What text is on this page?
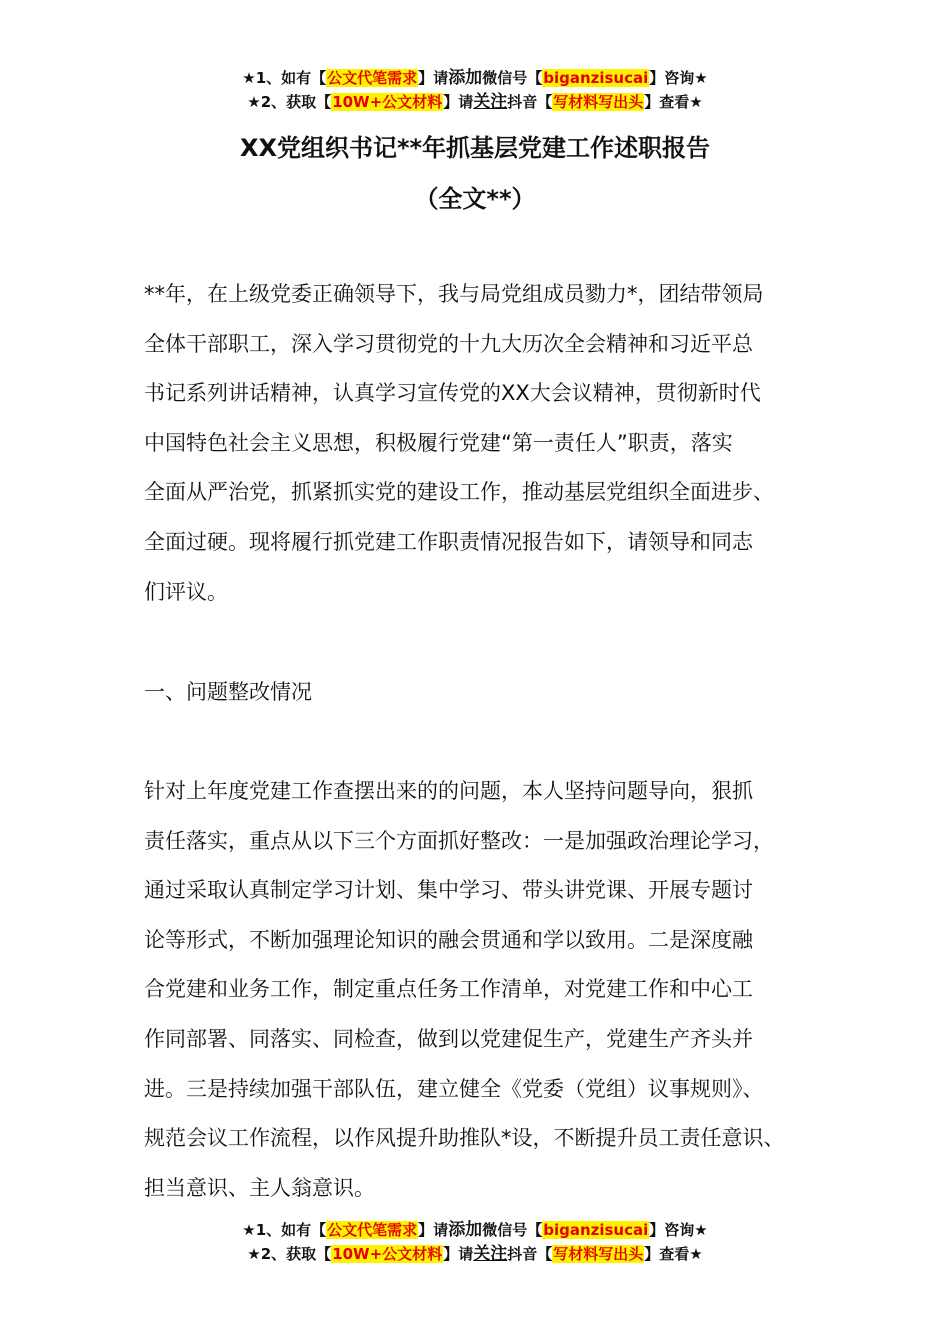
★1、如有【公文代笔需求】请添加微信号【biganzisucai】咨询★
★2、获取【10W+公文材料】请关注抖音【写材料写出头】查看★
XX党组织书记**年抓基层党建工作述职报告
（全文**）
**年，在上级党委正确领导下，我与局党组成员勠力*，团结带领局
全体干部职工，深入学习贯彻党的十九大历次全会精神和习近平总
书记系列讲话精神，认真学习宣传党的XX大会议精神，贯彻新时代
中国特色社会主义思想，积极履行党建“第一责任人”职责，落实
全面从严治党，抓紧抓实党的建设工作，推动基层党组织全面进步、
全面过硬。现将履行抓党建工作职责情况报告如下，请领导和同志
们评议。
一、问题整改情况
针对上年度党建工作查摆出来的的问题，本人坚持问题导向，狠抓
责任落实，重点从以下三个方面抓好整改：一是加强政治理论学习，
通过采取认真制定学习计划、集中学习、带头讲党课、开展专题讨
论等形式，不断加强理论知识的融会贯通和学以致用。二是深度融
合党建和业务工作，制定重点任务工作清单，对党建工作和中心工
作同部署、同落实、同检查，做到以党建促生产，党建生产齐头并
进。三是持续加强干部队伍，建立健全《党委（党组）议事规则》、
规范会议工作流程，以作风提升助推队*设，不断提升员工责任意识、
担当意识、主人翁意识。
★1、如有【公文代笔需求】请添加微信号【biganzisucai】咨询★
★2、获取【10W+公文材料】请关注抖音【写材料写出头】查看★
